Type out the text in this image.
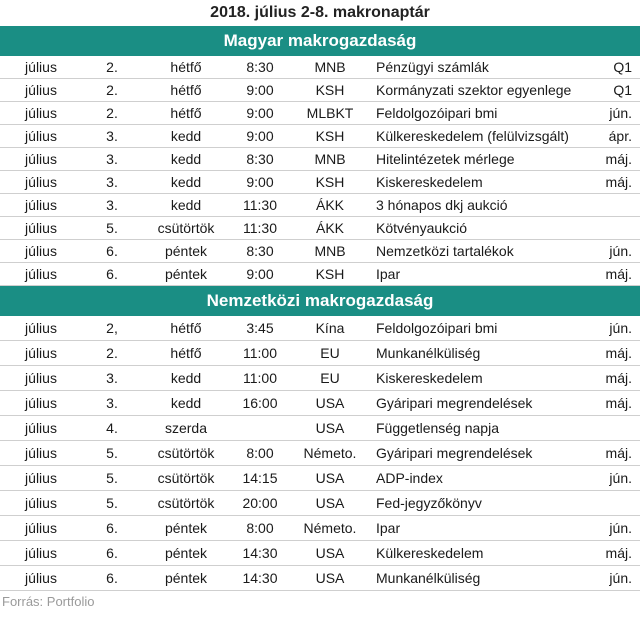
2018. július 2-8. makronaptár
Magyar makrogazdaság
július	2.	hétfő	8:30	MNB	Pénzügyi számlák	Q1
július	2.	hétfő	9:00	KSH	Kormányzati szektor egyenlege	Q1
július	2.	hétfő	9:00	MLBKT	Feldolgozóipari bmi	jún.
július	3.	kedd	9:00	KSH	Külkereskedelem (felülvizsgált)	ápr.
július	3.	kedd	8:30	MNB	Hitelintézetek mérlege	máj.
július	3.	kedd	9:00	KSH	Kiskereskedelem	máj.
július	3.	kedd	11:30	ÁKK	3 hónapos dkj aukció	
július	5.	csütörtök	11:30	ÁKK	Kötvényaukció	
július	6.	péntek	8:30	MNB	Nemzetközi tartalékok	jún.
július	6.	péntek	9:00	KSH	Ipar	máj.
Nemzetközi makrogazdaság
július	2,	hétfő	3:45	Kína	Feldolgozóipari bmi	jún.
július	2.	hétfő	11:00	EU	Munkanélküliség	máj.
július	3.	kedd	11:00	EU	Kiskereskedelem	máj.
július	3.	kedd	16:00	USA	Gyáripari megrendelések	máj.
július	4.	szerda		USA	Függetlenség napja	
július	5.	csütörtök	8:00	Németo.	Gyáripari megrendelések	máj.
július	5.	csütörtök	14:15	USA	ADP-index	jún.
július	5.	csütörtök	20:00	USA	Fed-jegyzőkönyv	
július	6.	péntek	8:00	Németo.	Ipar	jún.
július	6.	péntek	14:30	USA	Külkereskedelem	máj.
július	6.	péntek	14:30	USA	Munkanélküliség	jún.
Forrás: Portfolio
